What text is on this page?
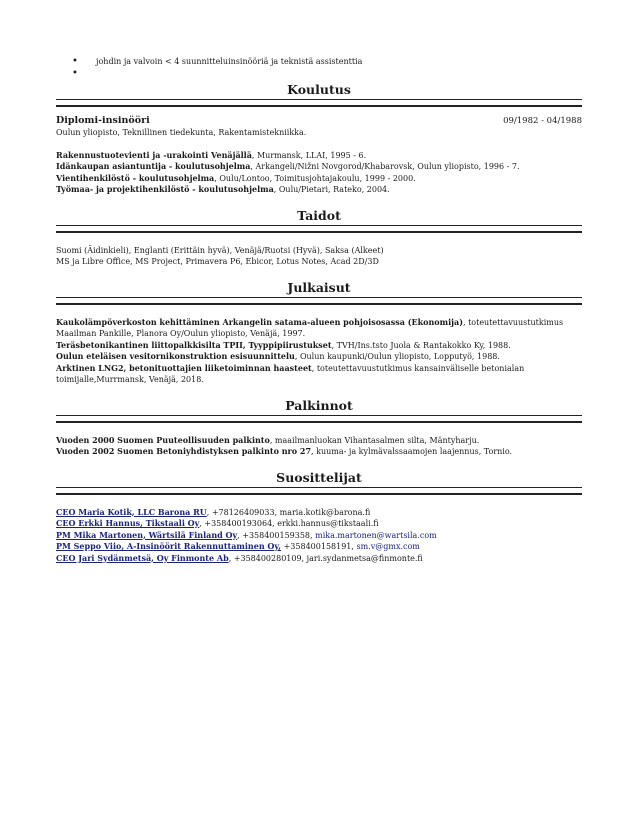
• johdin ja valvoin < 4 suunnitteluinsinööriä ja teknistä assistenttia
•
Koulutus
Diplomi-insinööri	09/1982 - 04/1988
Oulun yliopisto, Teknillinen tiedekunta, Rakentamistekniikka.
Rakennustuotevienti ja -urakointi Venäjällä, Murmansk, LLAI, 1995 - 6.
Idänkaupan asiantuntija - koulutusohjelma, Arkangeli/Nižni Novgorod/Khabarovsk, Oulun yliopisto, 1996 - 7.
Vientihenkilöstö - koulutusohjelma, Oulu/Lontoo, Toimitusjohtajakoulu, 1999 - 2000.
Työmaa- ja projektihenkilöstö - koulutusohjelma, Oulu/Pietari, Rateko, 2004.
Taidot
Suomi (Äidinkieli), Englanti (Erittäin hyvä), Venäjä/Ruotsi (Hyvä), Saksa (Alkeet)
MS ja Libre Office, MS Project, Primavera P6, Ebicor, Lotus Notes, Acad 2D/3D
Julkaisut
Kaukolämpöverkoston kehittäminen Arkangelin satama-alueen pohjoisosassa (Ekonomija), toteutettavuustutkimus Maailman Pankille, Planora Oy/Oulun yliopisto, Venäjä, 1997.
Teräsbetonikantinen liittopalkkisilta TPII, Tyyppipiirustukset, TVH/Ins.tsto Juola & Rantakokko Ky, 1988.
Oulun eteläisen vesitornikonstruktion esisuunnittelu, Oulun kaupunki/Oulun yliopisto, Lopputyö, 1988.
Arktinen LNG2, betonituottajien liiketoiminnan haasteet, toteutettavuustutkimus kansainväliselle betonialan toimijalle,Murrmansk, Venäjä, 2018.
Palkinnot
Vuoden 2000 Suomen Puuteollisuuden palkinto, maailmanluokan Vihantasalmen silta, Mäntyharju.
Vuoden 2002 Suomen Betoniyhdistyksen palkinto nro 27, kuuma- ja kylmävalssaamojen laajennus, Tornio.
Suosittelijat
CEO Maria Kotik, LLC Barona RU, +78126409033, maria.kotik@barona.fi
CEO Erkki Hannus, Tikstaali Oy, +358400193064, erkki.hannus@tikstaali.fi
PM Mika Martonen, Wärtsilä Finland Oy, +358400159358, mika.martonen@wartsila.com
PM Seppo Viio, A-Insinöörit Rakennuttaminen Oy, +358400158191, sm.v@gmx.com
CEO Jari Sydänmetsä, Oy Finmonte Ab, +358400280109, jari.sydanmetsa@finmonte.fi
